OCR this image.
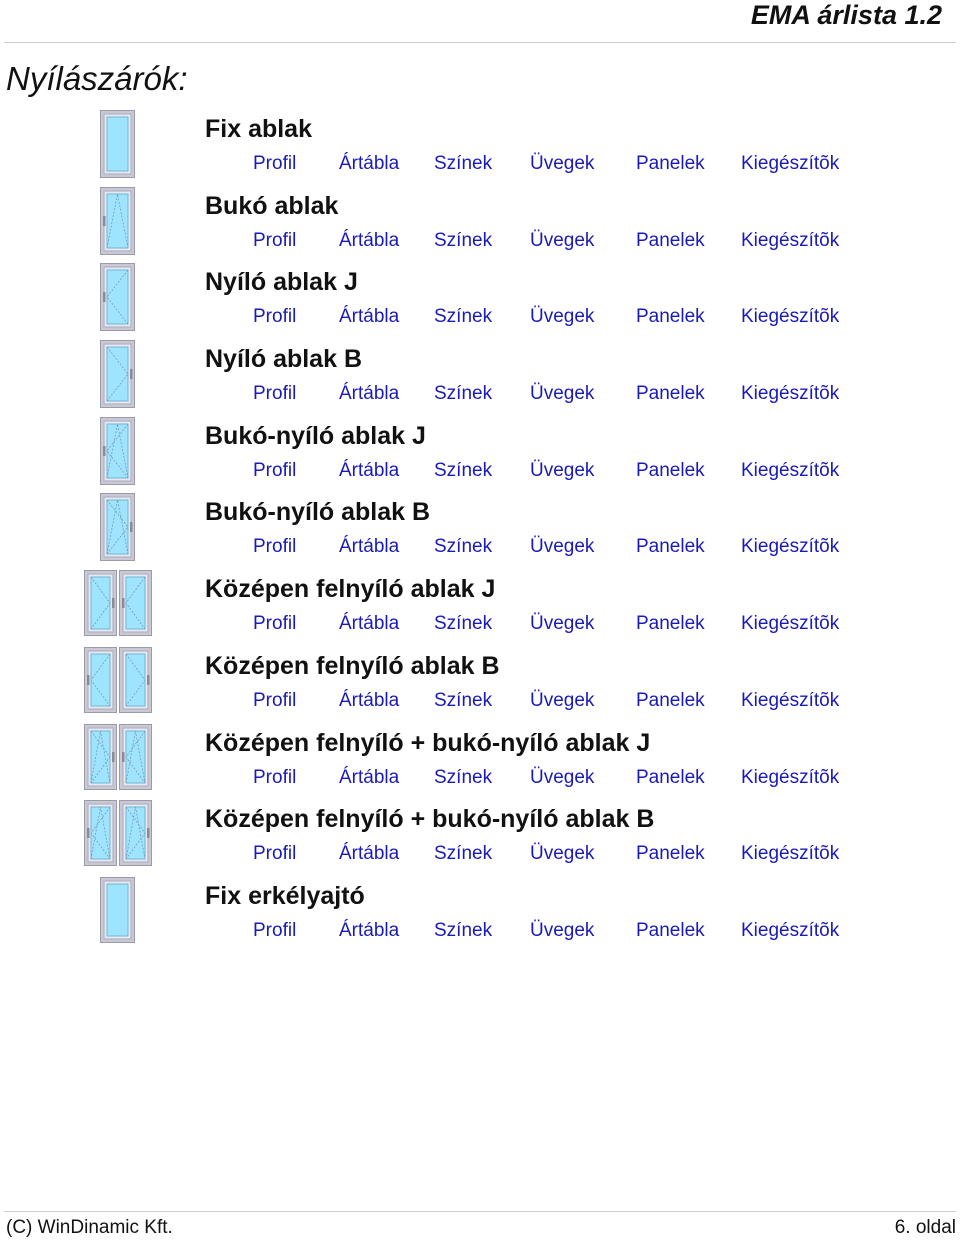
EMA árlista 1.2
Nyílászárók:
Fix ablak
Profil Ártábla Színek Üvegek Panelek Kiegészítõk
Bukó ablak
Profil Ártábla Színek Üvegek Panelek Kiegészítõk
Nyíló ablak J
Profil Ártábla Színek Üvegek Panelek Kiegészítõk
Nyíló ablak B
Profil Ártábla Színek Üvegek Panelek Kiegészítõk
Bukó-nyíló ablak J
Profil Ártábla Színek Üvegek Panelek Kiegészítõk
Bukó-nyíló ablak B
Profil Ártábla Színek Üvegek Panelek Kiegészítõk
Középen felnyíló ablak J
Profil Ártábla Színek Üvegek Panelek Kiegészítõk
Középen felnyíló ablak B
Profil Ártábla Színek Üvegek Panelek Kiegészítõk
Középen felnyíló + bukó-nyíló ablak J
Profil Ártábla Színek Üvegek Panelek Kiegészítõk
Középen felnyíló + bukó-nyíló ablak B
Profil Ártábla Színek Üvegek Panelek Kiegészítõk
Fix erkélyajtó
Profil Ártábla Színek Üvegek Panelek Kiegészítõk
(C) WinDinamic Kft.	6. oldal
